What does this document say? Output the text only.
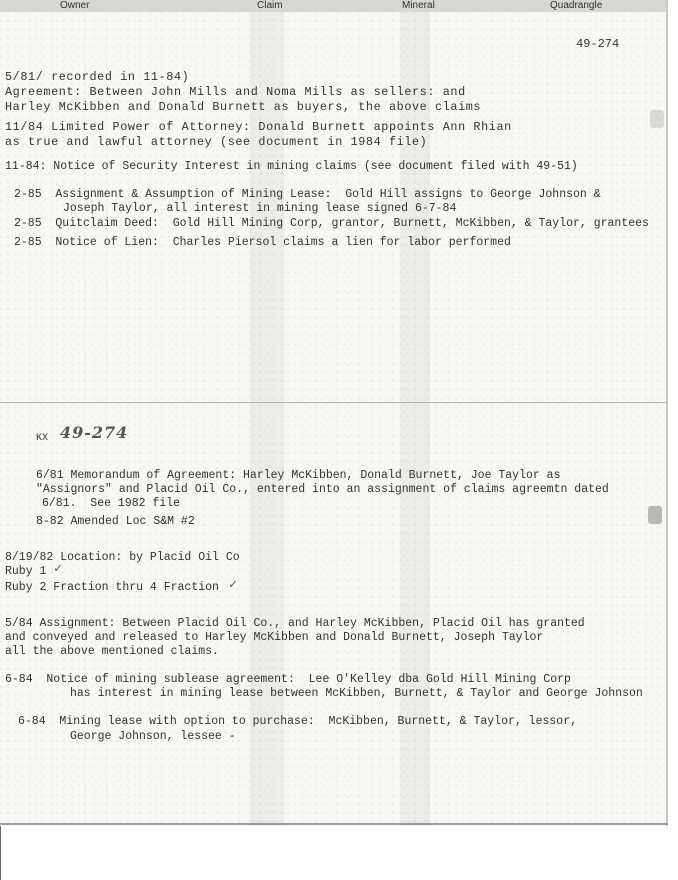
Owner	Claim	Mineral	Quadrangle
49-274
5/81/ recorded in 11-84)
Agreement: Between John Mills and Noma Mills as sellers: and
Harley McKibben and Donald Burnett as buyers, the above claims
11/84 Limited Power of Attorney: Donald Burnett appoints Ann Rhian
as true and lawful attorney (see document in 1984 file)
11-84: Notice of Security Interest in mining claims (see document filed with 49-51)
2-85  Assignment & Assumption of Mining Lease:  Gold Hill assigns to George Johnson &
Joseph Taylor, all interest in mining lease signed 6-7-84
2-85  Quitclaim Deed:  Gold Hill Mining Corp, grantor, Burnett, McKibben, & Taylor, grantees
2-85  Notice of Lien:  Charles Piersol claims a lien for labor performed
KX 49-274
6/81 Memorandum of Agreement: Harley McKibben, Donald Burnett, Joe Taylor as
"Assignors" and Placid Oil Co., entered into an assignment of claims agreemtn dated
6/81.  See 1982 file
8-82 Amended Loc S&M #2
8/19/82 Location: by Placid Oil Co
Ruby 1 ✓
Ruby 2 Fraction thru 4 Fraction ✓
5/84 Assignment: Between Placid Oil Co., and Harley McKibben, Placid Oil has granted
and conveyed and released to Harley McKibben and Donald Burnett, Joseph Taylor
all the above mentioned claims.
6-84  Notice of mining sublease agreement:  Lee O'Kelley dba Gold Hill Mining Corp
has interest in mining lease between McKibben, Burnett, & Taylor and George Johnson
6-84  Mining lease with option to purchase:  McKibben, Burnett, & Taylor, lessor,
George Johnson, lessee -
